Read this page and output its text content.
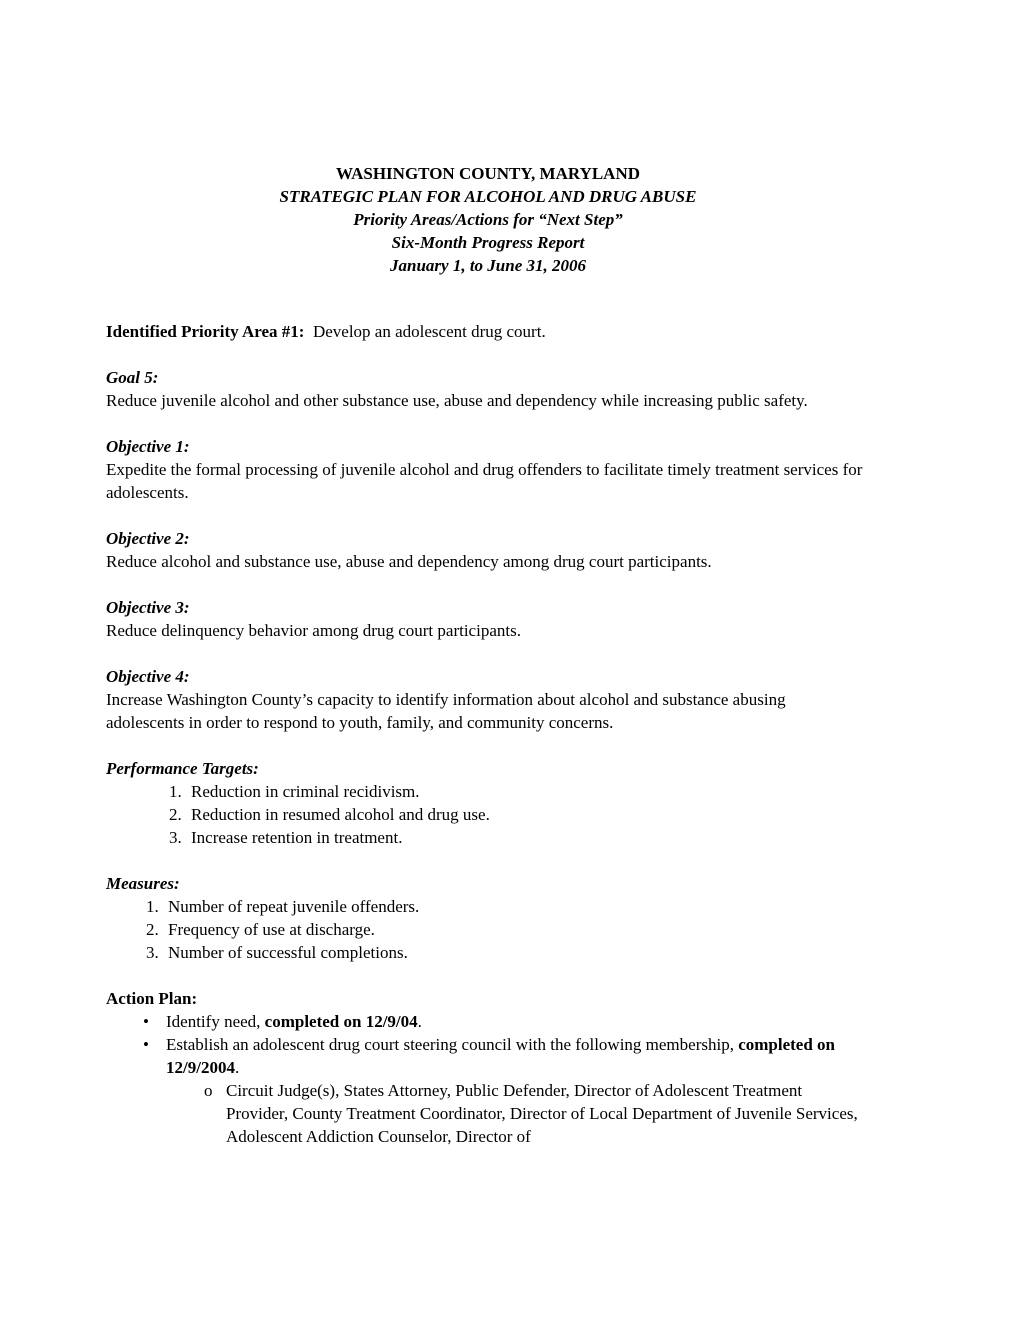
WASHINGTON COUNTY, MARYLAND
STRATEGIC PLAN FOR ALCOHOL AND DRUG ABUSE
Priority Areas/Actions for “Next Step”
Six-Month Progress Report
January 1, to June 31, 2006
Identified Priority Area #1: Develop an adolescent drug court.
Goal 5:
Reduce juvenile alcohol and other substance use, abuse and dependency while increasing public safety.
Objective 1:
Expedite the formal processing of juvenile alcohol and drug offenders to facilitate timely treatment services for adolescents.
Objective 2:
Reduce alcohol and substance use, abuse and dependency among drug court participants.
Objective 3:
Reduce delinquency behavior among drug court participants.
Objective 4:
Increase Washington County’s capacity to identify information about alcohol and substance abusing adolescents in order to respond to youth, family, and community concerns.
Performance Targets:
1. Reduction in criminal recidivism.
2. Reduction in resumed alcohol and drug use.
3. Increase retention in treatment.
Measures:
1. Number of repeat juvenile offenders.
2. Frequency of use at discharge.
3. Number of successful completions.
Action Plan:
• Identify need, completed on 12/9/04.
• Establish an adolescent drug court steering council with the following membership, completed on 12/9/2004.
o Circuit Judge(s), States Attorney, Public Defender, Director of Adolescent Treatment Provider, County Treatment Coordinator, Director of Local Department of Juvenile Services, Adolescent Addiction Counselor, Director of
